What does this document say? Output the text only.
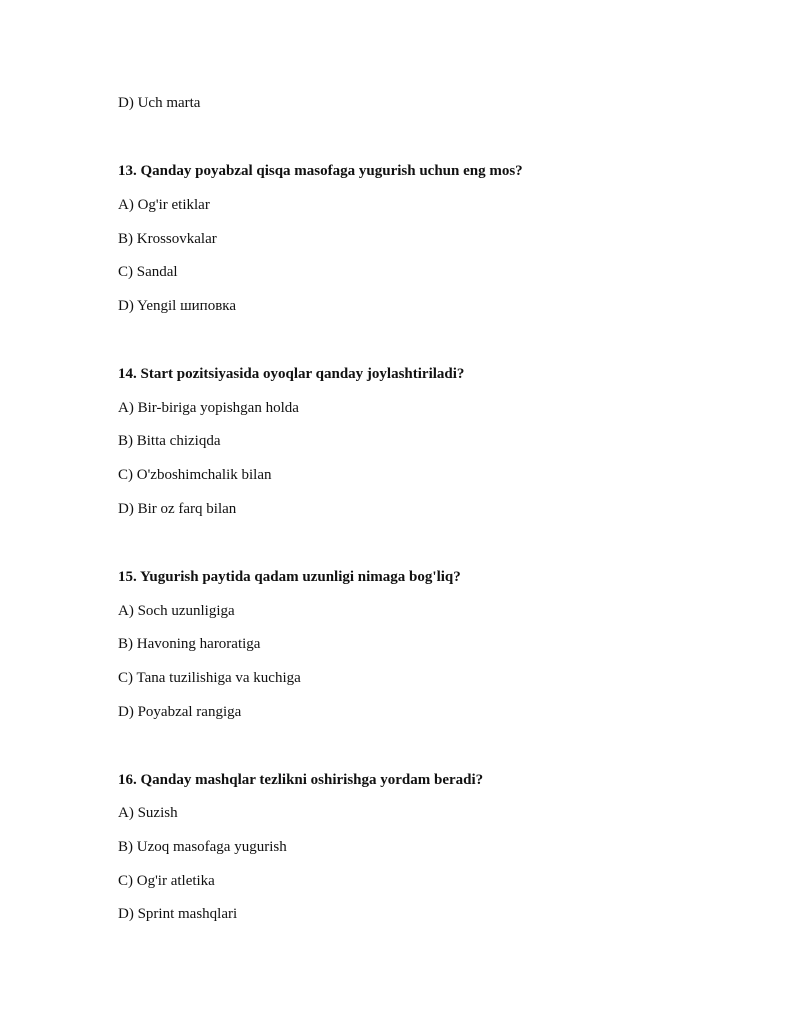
D) Uch marta
13. Qanday poyabzal qisqa masofaga yugurish uchun eng mos?
A) Og'ir etiklar
B) Krossovkalar
C) Sandal
D) Yengil шиповка
14. Start pozitsiyasida oyoqlar qanday joylashtiriladi?
A) Bir-biriga yopishgan holda
B) Bitta chiziqda
C) O'zboshimchalik bilan
D) Bir oz farq bilan
15. Yugurish paytida qadam uzunligi nimaga bog'liq?
A) Soch uzunligiga
B) Havoning haroratiga
C) Tana tuzilishiga va kuchiga
D) Poyabzal rangiga
16. Qanday mashqlar tezlikni oshirishga yordam beradi?
A) Suzish
B) Uzoq masofaga yugurish
C) Og'ir atletika
D) Sprint mashqlari
